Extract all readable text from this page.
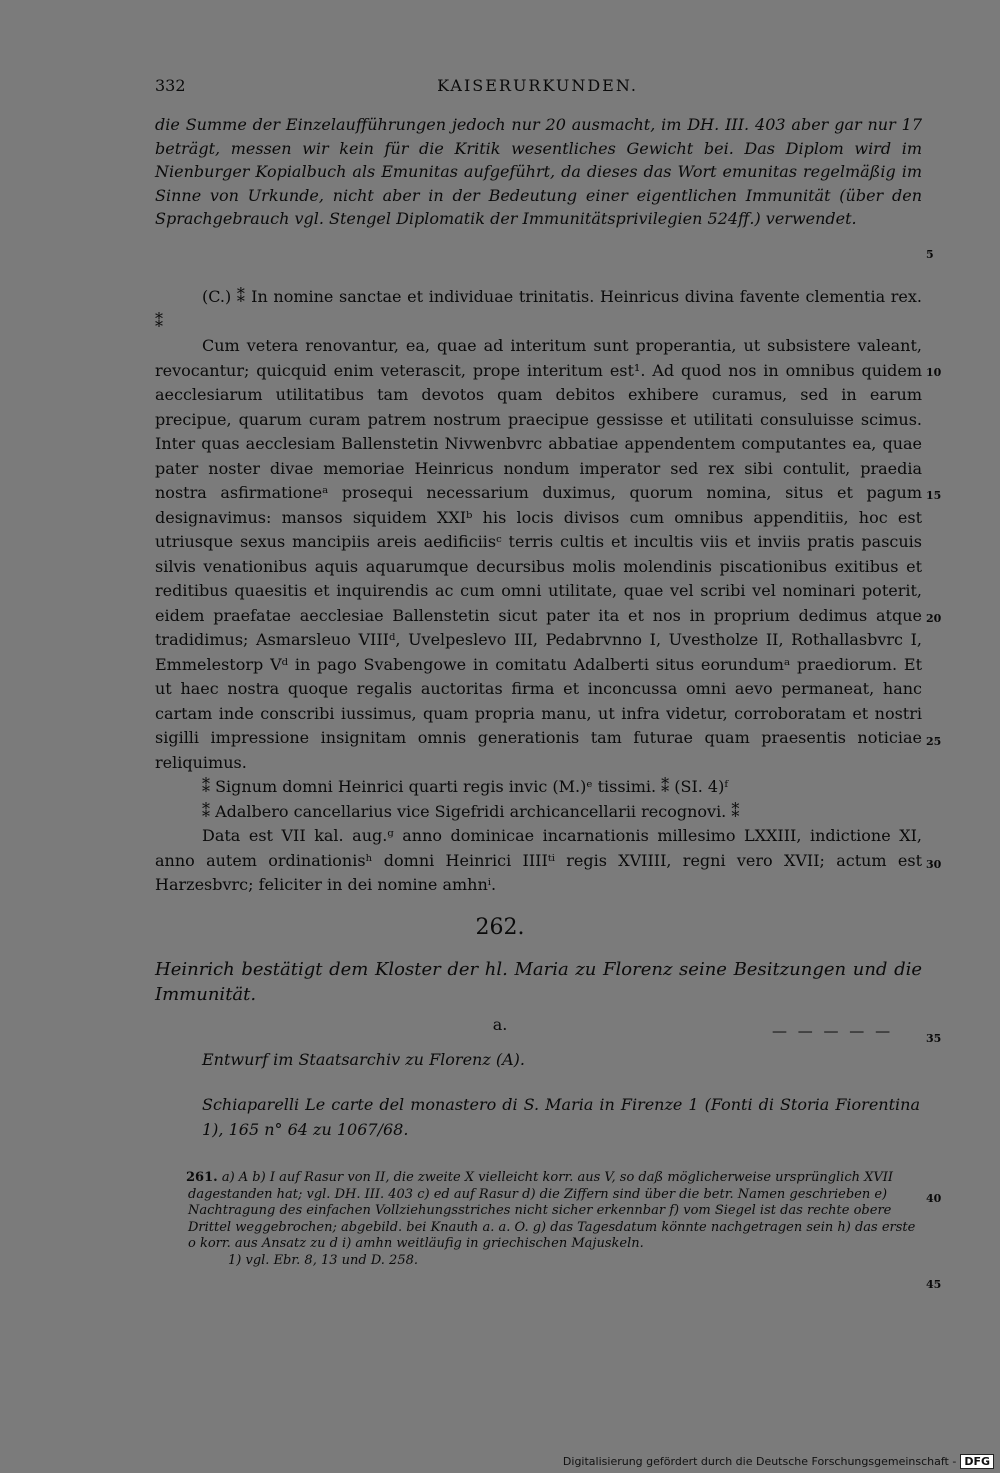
332	KAISERURKUNDEN.
die Summe der Einzelaufführungen jedoch nur 20 ausmacht, im DH. III. 403 aber gar nur 17 beträgt, messen wir kein für die Kritik wesentliches Gewicht bei. Das Diplom wird im Nienburger Kopialbuch als Emunitas aufgeführt, da dieses das Wort emunitas regelmäßig im Sinne von Urkunde, nicht aber in der Bedeutung einer eigentlichen Immunität (über den Sprachgebrauch vgl. Stengel Diplomatik der Immunitätsprivilegien 524ff.) verwendet.
(C.) ⁑ In nomine sanctae et individuae trinitatis. Heinricus divina favente clementia rex. ⁑
Cum vetera renovantur, ea, quae ad interitum sunt properantia, ut subsistere valeant, revocantur; quicquid enim veterascit, prope interitum est¹. Ad quod nos in omnibus quidem aecclesiarum utilitatibus tam devotos quam debitos exhibere curamus, sed in earum precipue, quarum curam patrem nostrum praecipue gessisse et utilitati consuluisse scimus. Inter quas aecclesiam Ballenstetin Nivwenbvrc abbatiae appendentem computantes ea, quae pater noster divae memoriae Heinricus nondum imperator sed rex sibi contulit, praedia nostra asfirmationeᵃ prosequi necessarium duximus, quorum nomina, situs et pagum designavimus: mansos siquidem XXIᵇ his locis divisos cum omnibus appenditiis, hoc est utriusque sexus mancipiis areis aedificiisᶜ terris cultis et incultis viis et inviis pratis pascuis silvis venationibus aquis aquarumque decursibus molis molendinis piscationibus exitibus et reditibus quaesitis et inquirendis ac cum omni utilitate, quae vel scribi vel nominari poterit, eidem praefatae aecclesiae Ballenstetin sicut pater ita et nos in proprium dedimus atque tradidimus; Asmarsleuo VIIIᵈ, Uvelpeslevo III, Pedabrvnno I, Uvestholze II, Rothallasbvrc I, Emmelestorp Vᵈ in pago Svabengowe in comitatu Adalberti situs eorundumᵃ praediorum. Et ut haec nostra quoque regalis auctoritas firma et inconcussa omni aevo permaneat, hanc cartam inde conscribi iussimus, quam propria manu, ut infra videtur, corroboratam et nostri sigilli impressione insignitam omnis generationis tam futurae quam praesentis noticiae reliquimus.
⁑ Signum domni Heinrici quarti regis invic (M.)ᵉ tissimi. ⁑ (SI. 4)ᶠ
⁑ Adalbero cancellarius vice Sigefridi archicancellarii recognovi. ⁑
Data est VII kal. aug.ᵍ anno dominicae incarnationis millesimo LXXIII, indictione XI, anno autem ordinationisʰ domni Heinrici IIIIᵗⁱ regis XVIIII, regni vero XVII; actum est Harzesbvrc; feliciter in dei nomine amhnⁱ.
5
10
15
20
25
30
35
40
45
262.
Heinrich bestätigt dem Kloster der hl. Maria zu Florenz seine Besitzungen und die Immunität.
a.	— — — — —
Entwurf im Staatsarchiv zu Florenz (A).
Schiaparelli Le carte del monastero di S. Maria in Firenze 1 (Fonti di Storia Fiorentina 1), 165 n° 64 zu 1067/68.
261. a) A b) I auf Rasur von II, die zweite X vielleicht korr. aus V, so daß möglicherweise ursprünglich XVII dagestanden hat; vgl. DH. III. 403 c) ed auf Rasur d) die Ziffern sind über die betr. Namen geschrieben e) Nachtragung des einfachen Vollziehungsstriches nicht sicher erkennbar f) vom Siegel ist das rechte obere Drittel weggebrochen; abgebild. bei Knauth a. a. O. g) das Tagesdatum könnte nachgetragen sein h) das erste o korr. aus Ansatz zu d i) amhn weitläufig in griechischen Majuskeln.
1) vgl. Ebr. 8, 13 und D. 258.
Digitalisierung gefördert durch die Deutsche Forschungsgemeinschaft - DFG
